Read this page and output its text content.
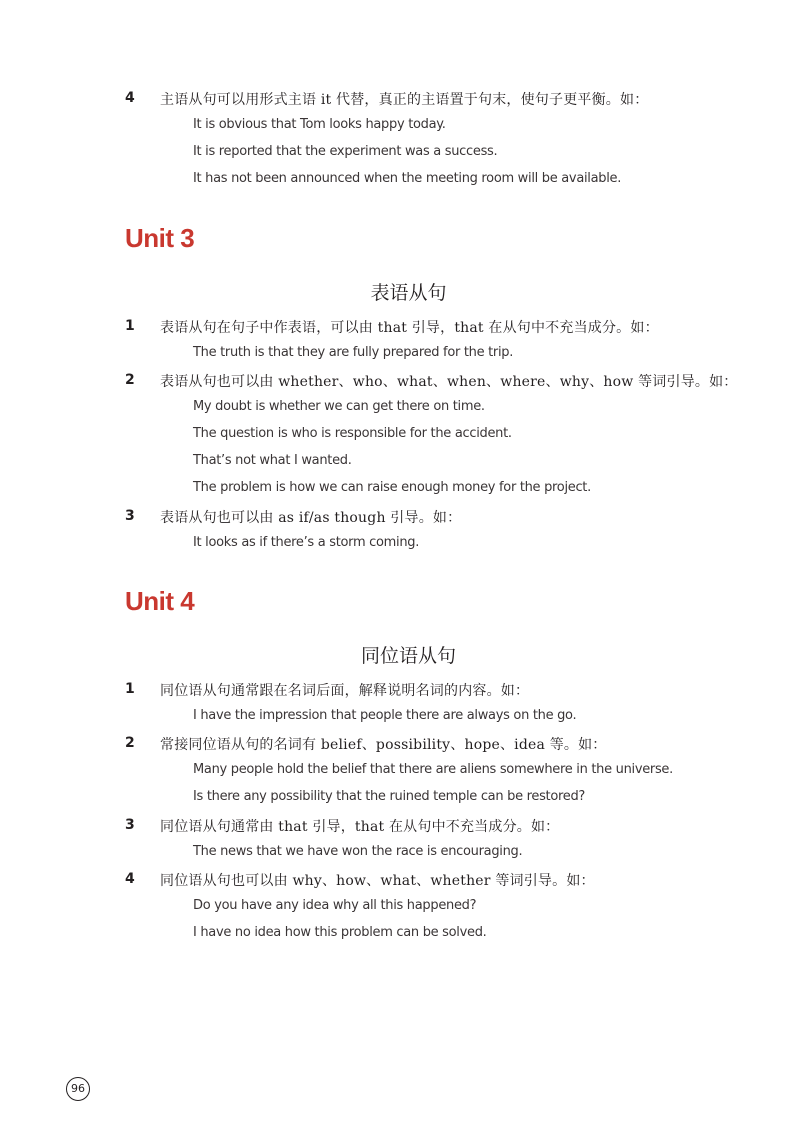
4 主语从句可以用形式主语 it 代替，真正的主语置于句末，使句子更平衡。如：
It is obvious that Tom looks happy today.
It is reported that the experiment was a success.
It has not been announced when the meeting room will be available.
Unit 3
表语从句
1 表语从句在句子中作表语，可以由 that 引导，that 在从句中不充当成分。如：
The truth is that they are fully prepared for the trip.
2 表语从句也可以由 whether、who、what、when、where、why、how 等词引导。如：
My doubt is whether we can get there on time.
The question is who is responsible for the accident.
That’s not what I wanted.
The problem is how we can raise enough money for the project.
3 表语从句也可以由 as if/as though 引导。如：
It looks as if there’s a storm coming.
Unit 4
同位语从句
1 同位语从句通常跟在名词后面，解释说明名词的内容。如：
I have the impression that people there are always on the go.
2 常接同位语从句的名词有 belief、possibility、hope、idea 等。如：
Many people hold the belief that there are aliens somewhere in the universe.
Is there any possibility that the ruined temple can be restored?
3 同位语从句通常由 that 引导，that 在从句中不充当成分。如：
The news that we have won the race is encouraging.
4 同位语从句也可以由 why、how、what、whether 等词引导。如：
Do you have any idea why all this happened?
I have no idea how this problem can be solved.
96
